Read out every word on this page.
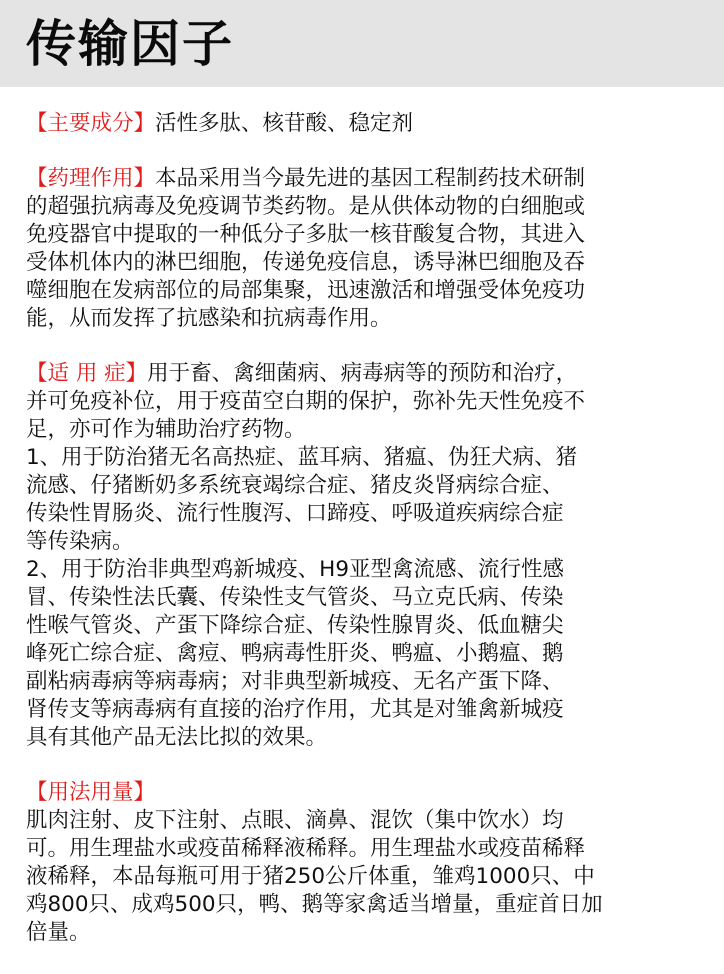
传输因子

【主要成分】活性多肽、核苷酸、稳定剂

【药理作用】本品采用当今最先进的基因工程制药技术研制
的超强抗病毒及免疫调节类药物。是从供体动物的白细胞或
免疫器官中提取的一种低分子多肽一核苷酸复合物，其进入
受体机体内的淋巴细胞，传递免疫信息，诱导淋巴细胞及吞
噬细胞在发病部位的局部集聚，迅速激活和增强受体免疫功
能，从而发挥了抗感染和抗病毒作用。
【适 用 症】用于畜、禽细菌病、病毒病等的预防和治疗，
并可免疫补位，用于疫苗空白期的保护，弥补先天性免疫不
足，亦可作为辅助治疗药物。
1、用于防治猪无名高热症、蓝耳病、猪瘟、伪狂犬病、猪
流感、仔猪断奶多系统衰竭综合症、猪皮炎肾病综合症、
传染性胃肠炎、流行性腹泻、口蹄疫、呼吸道疾病综合症
等传染病。
2、用于防治非典型鸡新城疫、H9亚型禽流感、流行性感
冒、传染性法氏囊、传染性支气管炎、马立克氏病、传染
性喉气管炎、产蛋下降综合症、传染性腺胃炎、低血糖尖
峰死亡综合症、禽痘、鸭病毒性肝炎、鸭瘟、小鹅瘟、鹅
副粘病毒病等病毒病；对非典型新城疫、无名产蛋下降、
肾传支等病毒病有直接的治疗作用，尤其是对雏禽新城疫
具有其他产品无法比拟的效果。
【用法用量】
肌肉注射、皮下注射、点眼、滴鼻、混饮（集中饮水）均
可。用生理盐水或疫苗稀释液稀释。用生理盐水或疫苗稀释
液稀释，本品每瓶可用于猪250公斤体重，雏鸡1000只、中
鸡800只、成鸡500只，鸭、鹅等家禽适当增量，重症首日加
倍量。
